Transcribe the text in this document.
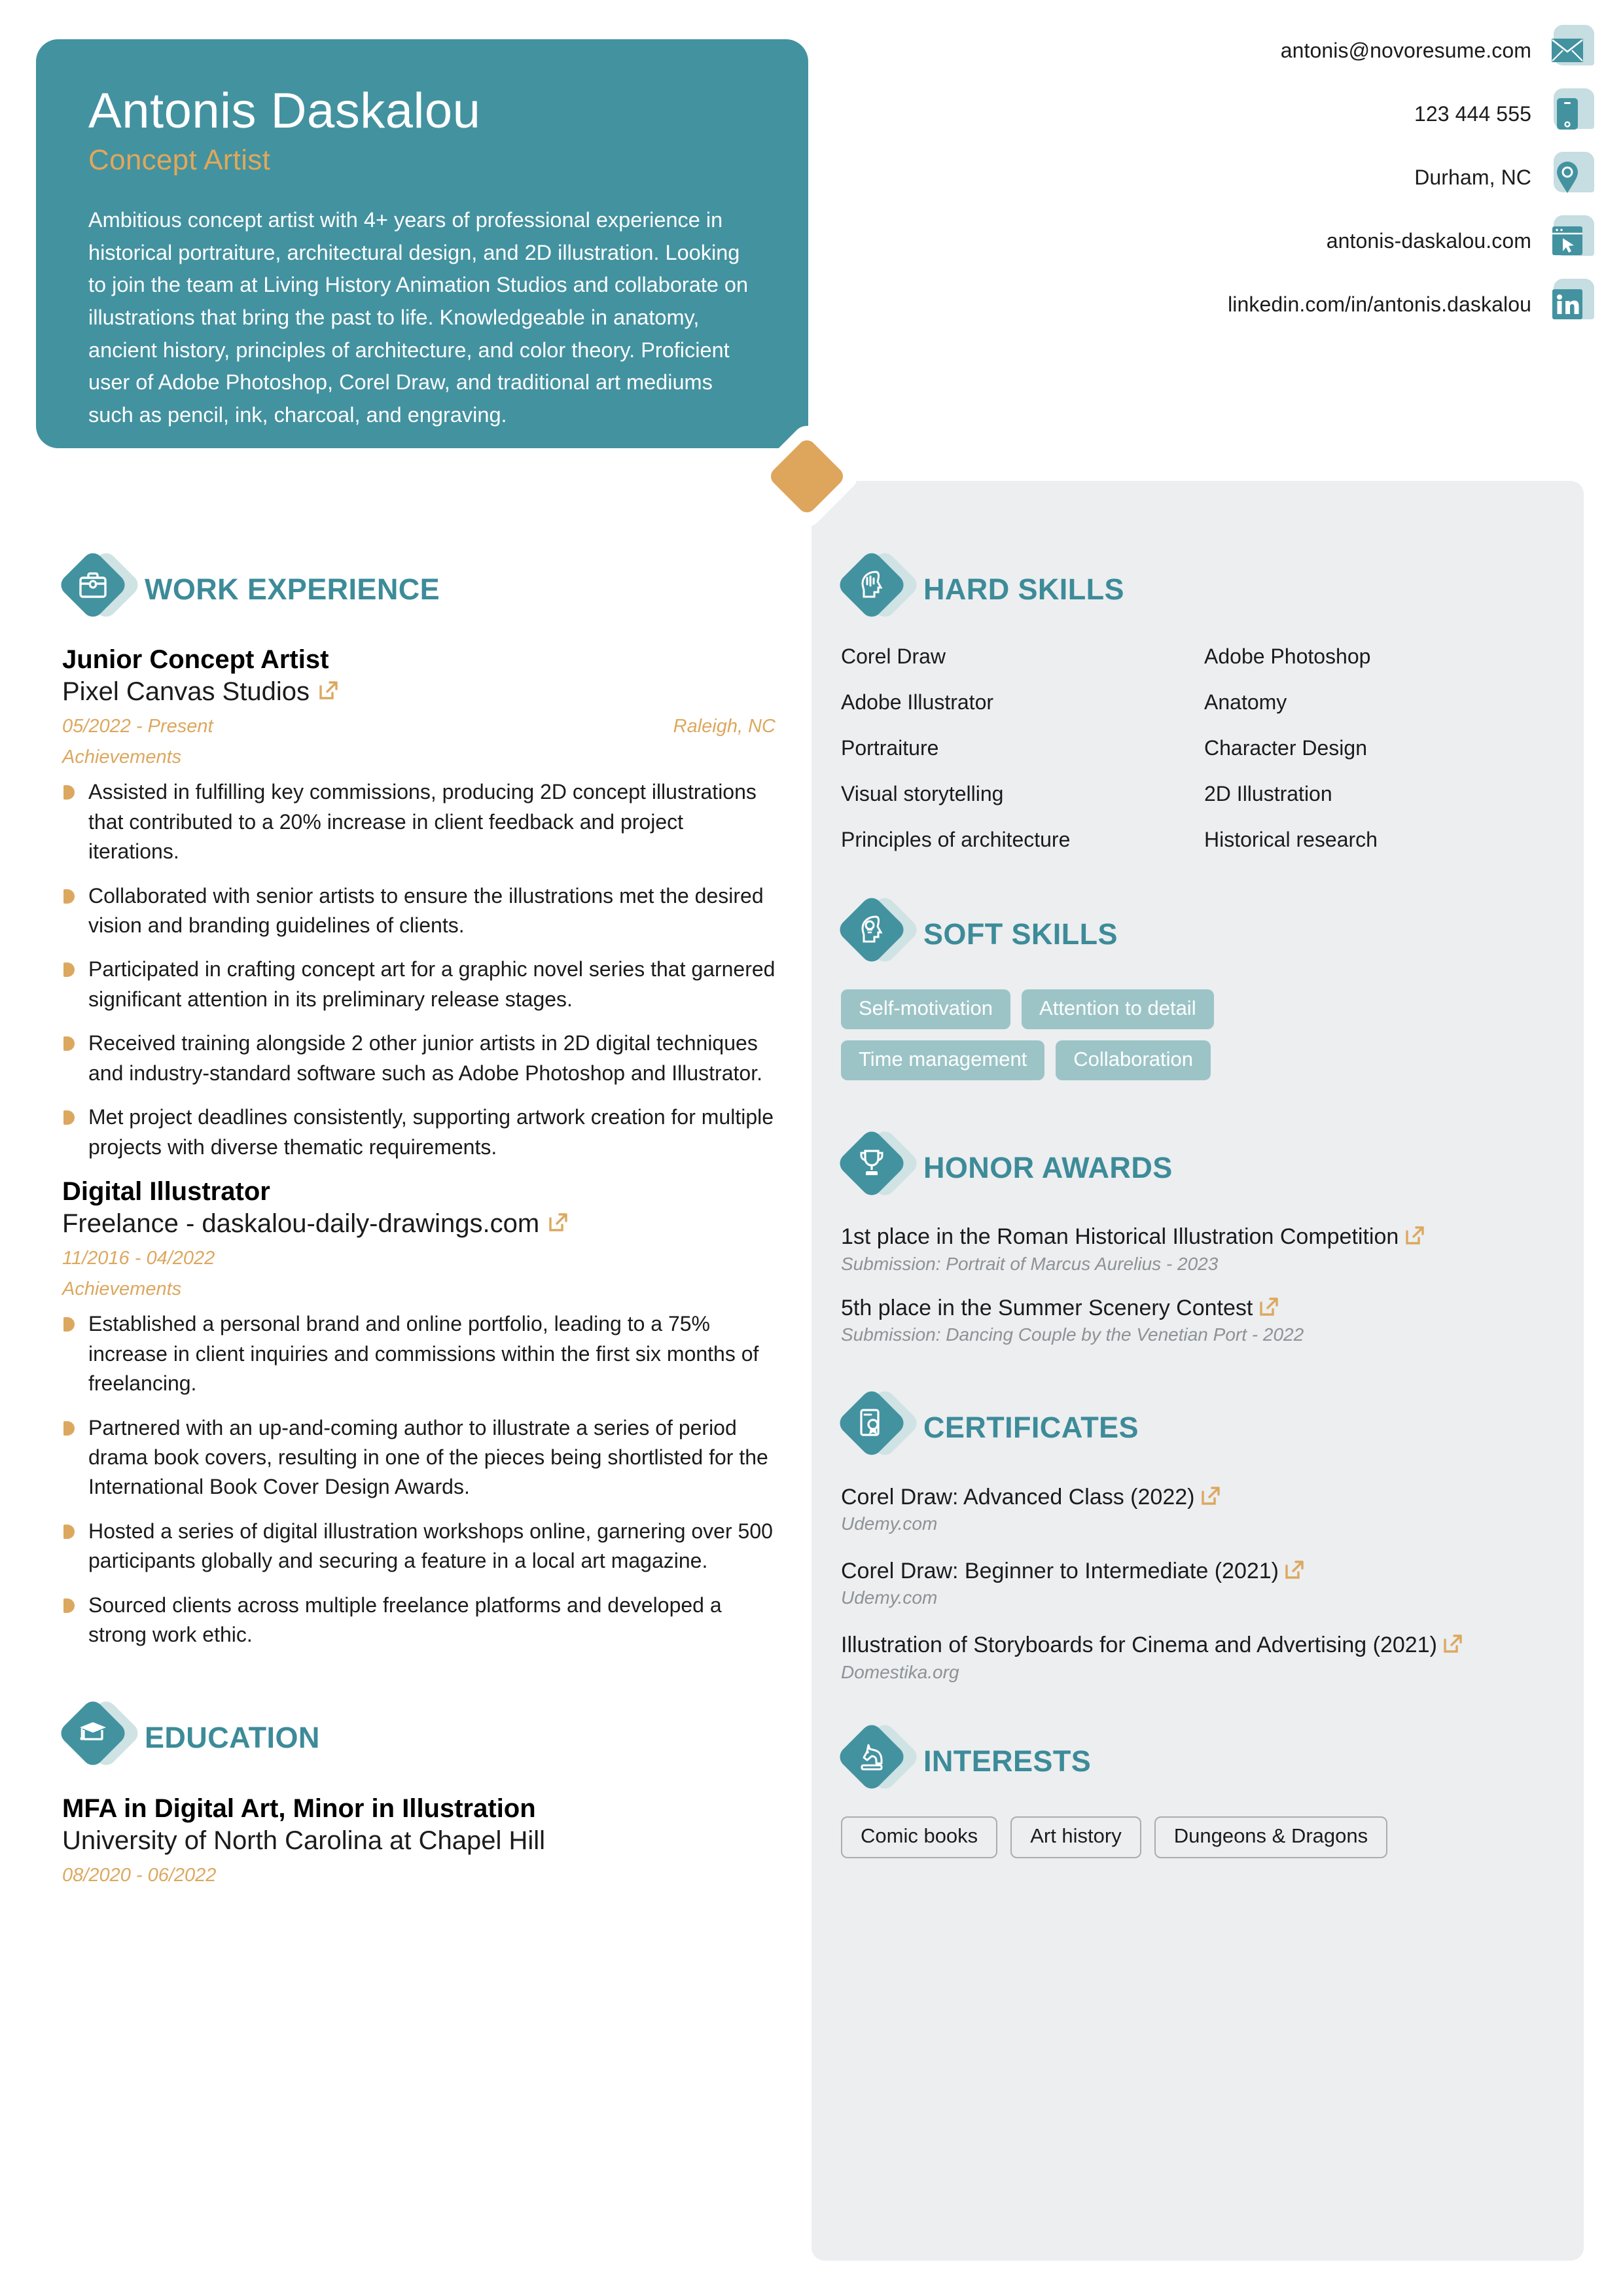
Antonis Daskalou
Concept Artist
Ambitious concept artist with 4+ years of professional experience in historical portraiture, architectural design, and 2D illustration. Looking to join the team at Living History Animation Studios and collaborate on illustrations that bring the past to life. Knowledgeable in anatomy, ancient history, principles of architecture, and color theory. Proficient user of Adobe Photoshop, Corel Draw, and traditional art mediums such as pencil, ink, charcoal, and engraving.
antonis@novoresume.com
123 444 555
Durham, NC
antonis-daskalou.com
linkedin.com/in/antonis.daskalou
WORK EXPERIENCE
Junior Concept Artist
Pixel Canvas Studios
05/2022 - Present	Raleigh, NC
Achievements
Assisted in fulfilling key commissions, producing 2D concept illustrations that contributed to a 20% increase in client feedback and project iterations.
Collaborated with senior artists to ensure the illustrations met the desired vision and branding guidelines of clients.
Participated in crafting concept art for a graphic novel series that garnered significant attention in its preliminary release stages.
Received training alongside 2 other junior artists in 2D digital techniques and industry-standard software such as Adobe Photoshop and Illustrator.
Met project deadlines consistently, supporting artwork creation for multiple projects with diverse thematic requirements.
Digital Illustrator
Freelance - daskalou-daily-drawings.com
11/2016 - 04/2022
Achievements
Established a personal brand and online portfolio, leading to a 75% increase in client inquiries and commissions within the first six months of freelancing.
Partnered with an up-and-coming author to illustrate a series of period drama book covers, resulting in one of the pieces being shortlisted for the International Book Cover Design Awards.
Hosted a series of digital illustration workshops online, garnering over 500 participants globally and securing a feature in a local art magazine.
Sourced clients across multiple freelance platforms and developed a strong work ethic.
EDUCATION
MFA in Digital Art, Minor in Illustration
University of North Carolina at Chapel Hill
08/2020 - 06/2022
HARD SKILLS
Corel Draw	Adobe Photoshop
Adobe Illustrator	Anatomy
Portraiture	Character Design
Visual storytelling	2D Illustration
Principles of architecture	Historical research
SOFT SKILLS
Self-motivation	Attention to detail
Time management	Collaboration
HONOR AWARDS
1st place in the Roman Historical Illustration Competition
Submission: Portrait of Marcus Aurelius - 2023
5th place in the Summer Scenery Contest
Submission: Dancing Couple by the Venetian Port - 2022
CERTIFICATES
Corel Draw: Advanced Class (2022)
Udemy.com
Corel Draw: Beginner to Intermediate (2021)
Udemy.com
Illustration of Storyboards for Cinema and Advertising (2021)
Domestika.org
INTERESTS
Comic books	Art history	Dungeons & Dragons
